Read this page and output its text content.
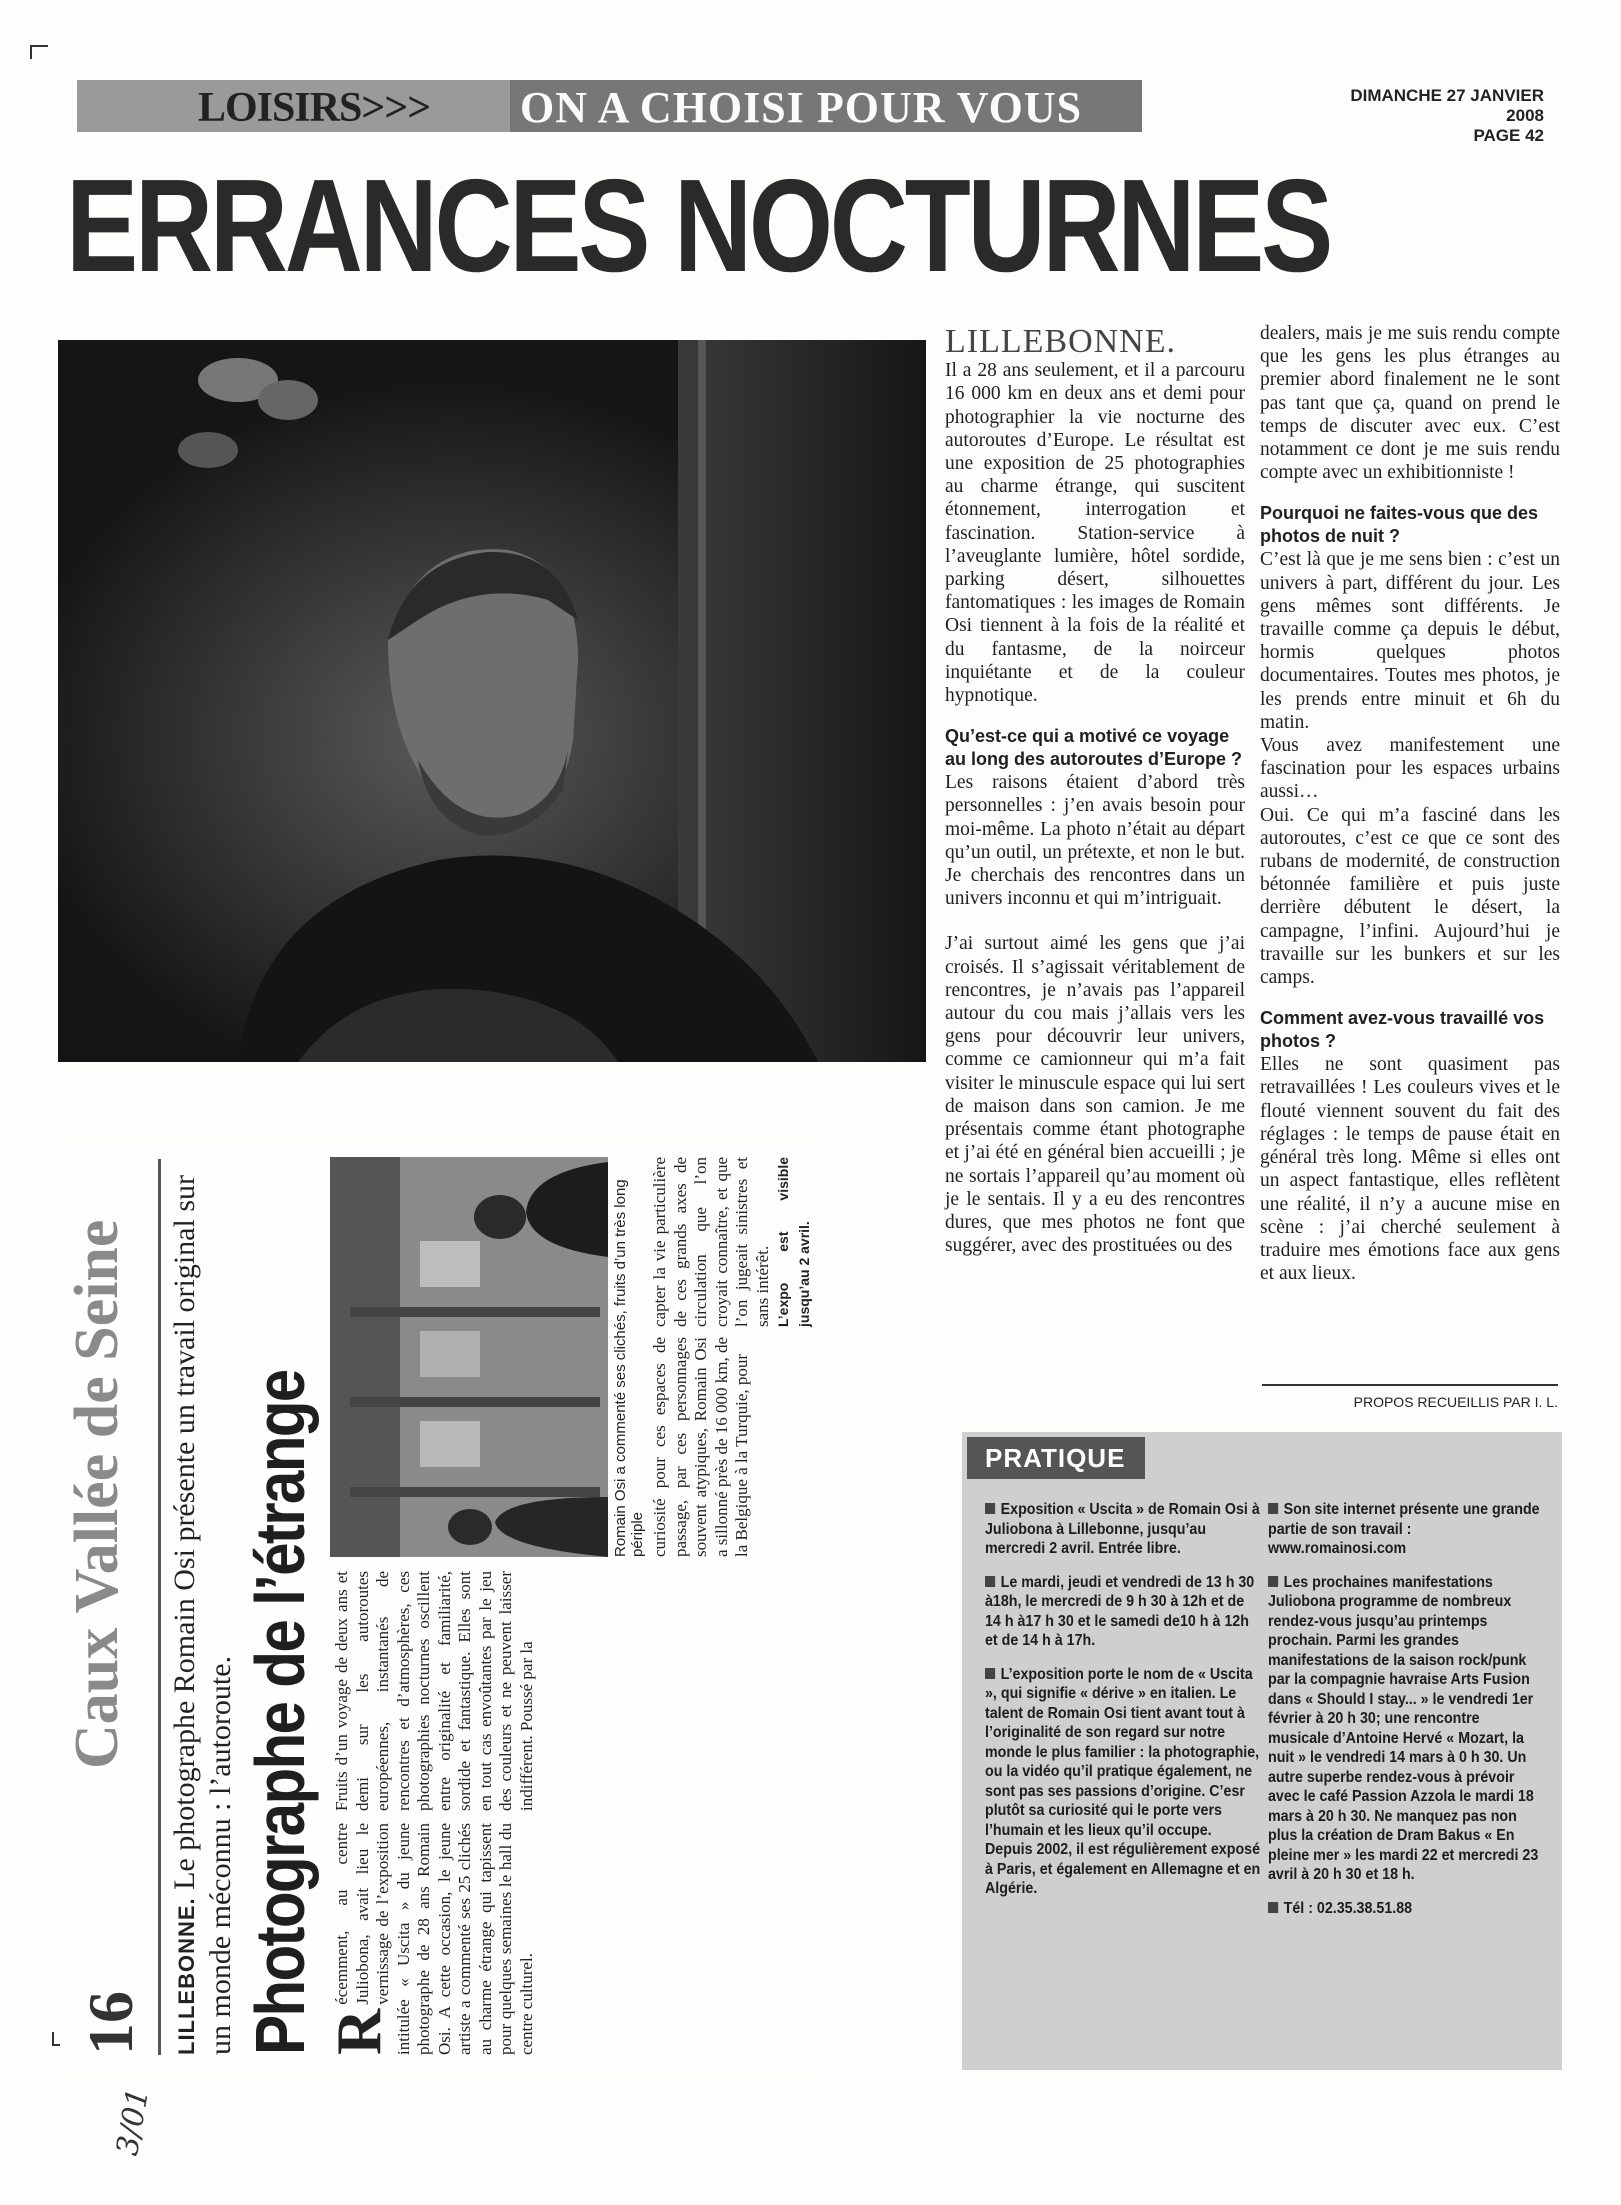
LOISIRS>>> ON A CHOISI POUR VOUS	DIMANCHE 27 JANVIER 2008
PAGE 42
ERRANCES NOCTURNES
LILLEBONNE.

Il a 28 ans seulement, et il a parcouru 16 000 km en deux ans et demi pour photographier la vie nocturne des autoroutes d’Europe. Le résultat est une exposition de 25 photographies au charme étrange, qui suscitent étonnement, interrogation et fascination. Station-service à l’aveuglante lumière, hôtel sordide, parking désert, silhouettes fantomatiques : les images de Romain Osi tiennent à la fois de la réalité et du fantasme, de la noirceur inquiétante et de la couleur hypnotique.

Qu’est-ce qui a motivé ce voyage au long des autoroutes d’Europe ?

Les raisons étaient d’abord très personnelles : j’en avais besoin pour moi-même. La photo n’était au départ qu’un outil, un prétexte, et non le but. Je cherchais des rencontres dans un univers inconnu et qui m’intriguait.

J’ai surtout aimé les gens que j’ai croisés. Il s’agissait véritablement de rencontres, je n’avais pas l’appareil autour du cou mais j’allais vers les gens pour découvrir leur univers, comme ce camionneur qui m’a fait visiter le minuscule espace qui lui sert de maison dans son camion. Je me présentais comme étant photographe et j’ai été en général bien accueilli ; je ne sortais l’appareil qu’au moment où je le sentais. Il y a eu des rencontres dures, que mes photos ne font que suggérer, avec des prostituées ou des

dealers, mais je me suis rendu compte que les gens les plus étranges au premier abord finalement ne le sont pas tant que ça, quand on prend le temps de discuter avec eux. C’est notamment ce dont je me suis rendu compte avec un exhibitionniste !

Pourquoi ne faites-vous que des photos de nuit ?

C’est là que je me sens bien : c’est un univers à part, différent du jour. Les gens mêmes sont différents. Je travaille comme ça depuis le début, hormis quelques photos documentaires. Toutes mes photos, je les prends entre minuit et 6h du matin.

Vous avez manifestement une fascination pour les espaces urbains aussi…

Oui. Ce qui m’a fasciné dans les autoroutes, c’est ce que ce sont des rubans de modernité, de construction bétonnée familière et puis juste derrière débutent le désert, la campagne, l’infini. Aujourd’hui je travaille sur les bunkers et sur les camps.

Comment avez-vous travaillé vos photos ?

Elles ne sont quasiment pas retravaillées ! Les couleurs vives et le flouté viennent souvent du fait des réglages : le temps de pause était en général très long. Même si elles ont un aspect fantastique, elles reflètent une réalité, il n’y a aucune mise en scène : j’ai cherché seulement à traduire mes émotions face aux gens et aux lieux.

PROPOS RECUEILLIS PAR I. L.
PRATIQUE
Exposition « Uscita » de Romain Osi à Juliobona à Lillebonne, jusqu’au mercredi 2 avril. Entrée libre.
Le mardi, jeudi et vendredi de 13 h 30 à18h, le mercredi de 9 h 30 à 12h et de 14 h à17 h 30 et le samedi de10 h à 12h et de 14 h à 17h.
L’exposition porte le nom de « Uscita », qui signifie « dérive » en italien. Le talent de Romain Osi tient avant tout à l’originalité de son regard sur notre monde le plus familier : la photographie, ou la vidéo qu’il pratique également, ne sont pas ses passions d’origine. C’esr plutôt sa curiosité qui le porte vers l’humain et les lieux qu’il occupe. Depuis 2002, il est régulièrement exposé à Paris, et également en Allemagne et en Algérie.
Son site internet présente une grande partie de son travail : www.romainosi.com
Les prochaines manifestations
Juliobona programme de nombreux rendez-vous jusqu’au printemps prochain. Parmi les grandes manifestations de la saison rock/punk par la compagnie havraise Arts Fusion dans « Should I stay... » le vendredi 1er février à 20 h 30; une rencontre musicale d’Antoine Hervé « Mozart, la nuit » le vendredi 14 mars à 0 h 30. Un autre superbe rendez-vous à prévoir avec le café Passion Azzola le mardi 18 mars à 20 h 30. Ne manquez pas non plus la création de Dram Bakus « En pleine mer » les mardi 22 et mercredi 23 avril à 20 h 30 et 18 h.
Tél : 02.35.38.51.88
16
Caux Vallée de Seine
LILLEBONNE. Le photographe Romain Osi présente un travail original sur un monde méconnu : l’autoroute. Photographe de l’étrange R
écemment, au centre Juliobona, avait lieu le vernissage de l’exposition intitulée « Uscita » du jeune photographe de 28 ans Romain Osi. A cette occasion, le jeune artiste a commenté ses 25 clichés au charme étrange qui tapissent pour quelques semaines le hall du centre culturel.
Fruits d’un voyage de deux ans et demi sur les autoroutes européennes, instantanés de rencontres et d’atmosphères, ces photographies nocturnes oscillent entre originalité et familiarité, sordide et fantastique. Elles sont en tout cas envoûtantes par le jeu des couleurs et ne peuvent laisser indifférent. Poussé par la
Romain Osi a commenté ses clichés, fruits d’un très long périple curiosité pour ces espaces de passage, par ces personnages souvent atypiques, Romain Osi a sillonné près de 16 000 km, de la Belgique à la Turquie, pour
capter la vie particulière de ces grands axes de circulation que l’on croyait connaître, et que l’on jugeait sinistres et sans intérêt. L’expo est visible jusqu’au 2 avril.
3/01
